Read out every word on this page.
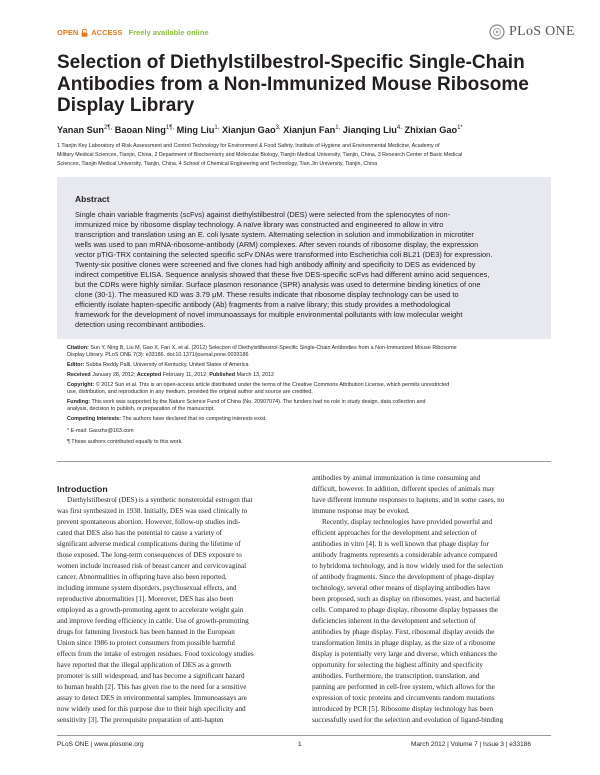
OPEN ACCESS Freely available online	PLoS ONE
Selection of Diethylstilbestrol-Specific Single-Chain
Antibodies from a Non-Immunized Mouse Ribosome
Display Library
Yanan Sun$^{2\P,}$ Baoan Ning$^{1\P,}$ Ming Liu$^{1,}$ Xianjun Gao$^{3,}$ Xianjun Fan$^{1,}$ Jianqing Liu$^{4,}$ Zhixian Gao$^{1*}$
1 Tianjin Key Laboratory of Risk Assessment and Control Technology for Environment & Food Safety, Institute of Hygiene and Environmental Medicine, Academy of
Military Medical Sciences, Tianjin, China, 2 Department of Biochemistry and Molecular Biology, Tianjin Medical University, Tianjin, China, 3 Research Center of Basic Medical
Sciences, Tianjin Medical University, Tianjin, China, 4 School of Chemical Engineering and Technology, Tian Jin University, Tianjin, China
Abstract
Single chain variable fragments (scFvs) against diethylstilbestrol (DES) were selected from the splenocytes of non-
immunized mice by ribosome display technology. A naïve library was constructed and engineered to allow in vitro
transcription and translation using an E. coli lysate system. Alternating selection in solution and immobilization in microtiter
wells was used to pan mRNA-ribosome-antibody (ARM) complexes. After seven rounds of ribosome display, the expression
vector pTIG-TRX containing the selected specific scFv DNAs were transformed into Escherichia coli BL21 (DE3) for expression.
Twenty-six positive clones were screened and five clones had high antibody affinity and specificity to DES as evidenced by
indirect competitive ELISA. Sequence analysis showed that these five DES-specific scFvs had different amino acid sequences,
but the CDRs were highly similar. Surface plasmon resonance (SPR) analysis was used to determine binding kinetics of one
clone (30-1). The measured KD was 3.79 μM. These results indicate that ribosome display technology can be used to
efficiently isolate hapten-specific antibody (Ab) fragments from a naïve library; this study provides a methodological
framework for the development of novel immunoassays for multiple environmental pollutants with low molecular weight
detection using recombinant antibodies.
Citation: Sun Y, Ning B, Liu M, Gao X, Fan X, et al. (2012) Selection of Diethylstilbestrol-Specific Single-Chain Antibodies from a Non-Immunized Mouse Ribosome
Display Library. PLoS ONE 7(3): e33186. doi:10.1371/journal.pone.0033186
Editor: Subba Reddy Palli, University of Kentucky, United States of America
Received January 28, 2012; Accepted February 11, 2012; Published March 13, 2012
Copyright: © 2012 Sun et al. This is an open-access article distributed under the terms of the Creative Commons Attribution License, which permits unrestricted
use, distribution, and reproduction in any medium, provided the original author and source are credited.
Funding: This work was supported by the Nature Science Fund of China (No. 20907074). The funders had no role in study design, data collection and
analysis, decision to publish, or preparation of the manuscript.
Competing Interests: The authors have declared that no competing interests exist.
* E-mail: Gaozhx@163.com
¶ These authors contributed equally to this work.
Introduction
Diethylstilbestrol (DES) is a synthetic nonsteroidal estrogen that
was first synthesized in 1938. Initially, DES was used clinically to
prevent spontaneous abortion. However, follow-up studies indi-
cated that DES also has the potential to cause a variety of
significant adverse medical complications during the lifetime of
those exposed. The long-term consequences of DES exposure to
women include increased risk of breast cancer and cervicovaginal
cancer. Abnormalities in offspring have also been reported,
including immune system disorders, psychosexual effects, and
reproductive abnormalities [1]. Moreover, DES has also been
employed as a growth-promoting agent to accelerate weight gain
and improve feeding efficiency in cattle. Use of growth-promoting
drugs for fattening livestock has been banned in the European
Union since 1986 to protect consumers from possible harmful
effects from the intake of estrogen residues. Food toxicology studies
have reported that the illegal application of DES as a growth
promoter is still widespread, and has become a significant hazard
to human health [2]. This has given rise to the need for a sensitive
assay to detect DES in environmental samples. Immunoassays are
now widely used for this purpose due to their high specificity and
sensitivity [3]. The prerequisite preparation of anti-hapten
antibodies by animal immunization is time consuming and
difficult, however. In addition, different species of animals may
have different immune responses to haptens, and in some cases, no
immune response may be evoked.
Recently, display technologies have provided powerful and
efficient approaches for the development and selection of
antibodies in vitro [4]. It is well known that phage display for
antibody fragments represents a considerable advance compared
to hybridoma technology, and is now widely used for the selection
of antibody fragments. Since the development of phage-display
technology, several other means of displaying antibodies have
been proposed, such as display on ribosomes, yeast, and bacterial
cells. Compared to phage display, ribosome display bypasses the
deficiencies inherent in the development and selection of
antibodies by phage display. First, ribosomal display avoids the
transformation limits in phage display, as the size of a ribosome
display is potentially very large and diverse, which enhances the
opportunity for selecting the highest affinity and specificity
antibodies. Furthermore, the transcription, translation, and
panning are performed in cell-free system, which allows for the
expression of toxic proteins and circumvents random mutations
introduced by PCR [5]. Ribosome display technology has been
successfully used for the selection and evolution of ligand-binding
PLoS ONE | www.plosone.org	1	March 2012 | Volume 7 | Issue 3 | e33186
